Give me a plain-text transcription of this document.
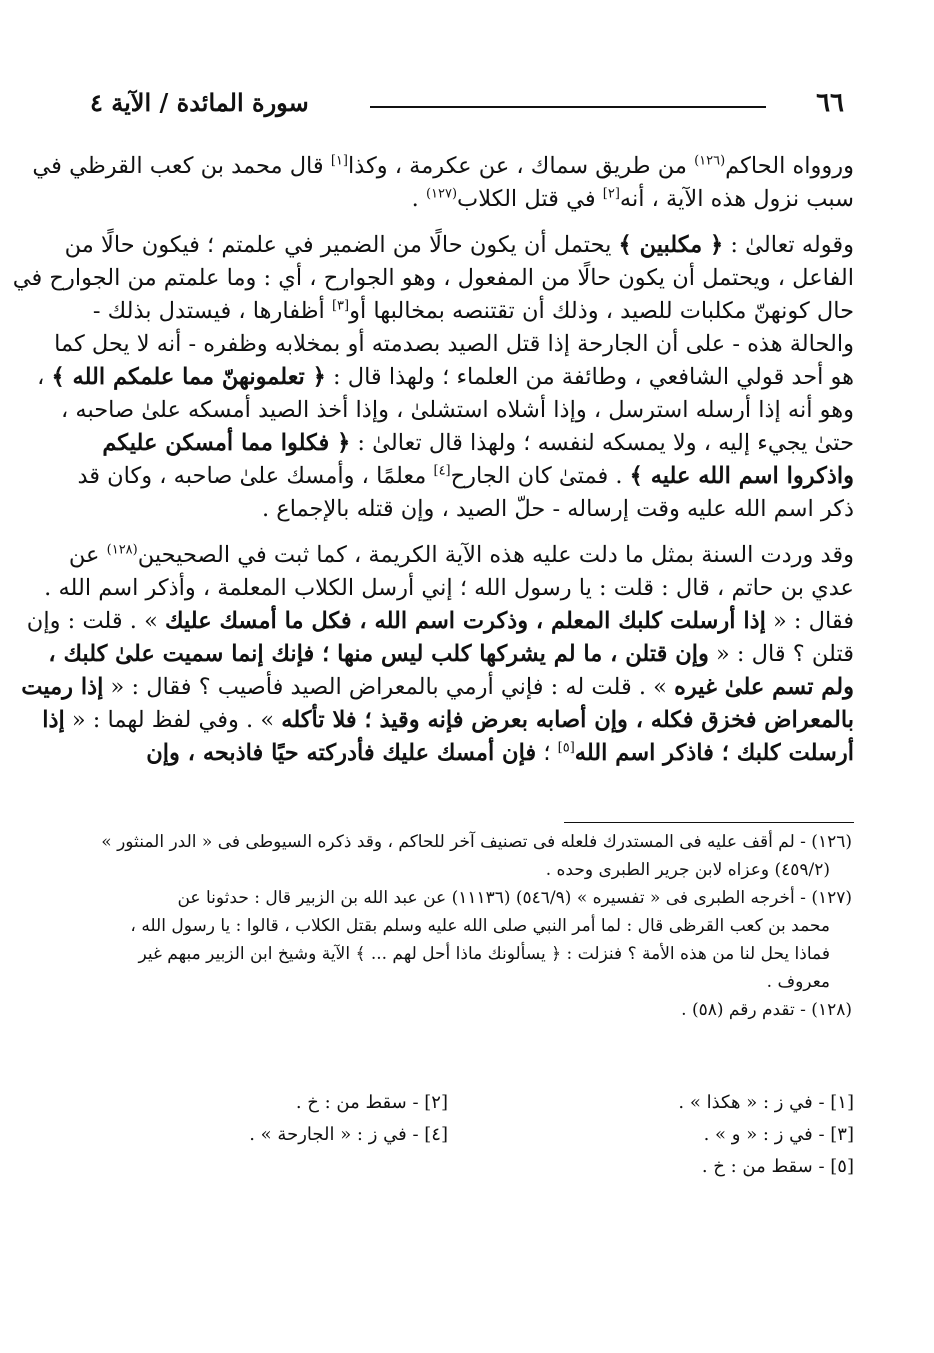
٦٦
سورة المائدة / الآية ٤
وروواه الحاكم$^{(١٢٦)}$ من طريق سماك ، عن عكرمة ، وكذا[١] قال محمد بن كعب القرظي في
سبب نزول هذه الآية ، أنه[٢] في قتل الكلاب$^{(١٢٧)}$ .
وقوله تعالىٰ : ﴿ مكلبين ﴾ يحتمل أن يكون حالًا من الضمير في علمتم ؛ فيكون حالًا من
الفاعل ، ويحتمل أن يكون حالًا من المفعول ، وهو الجوارح ، أي : وما علمتم من الجوارح في
حال كونهنّ مكلبات للصيد ، وذلك أن تقتنصه بمخالبها أو[٣] أظفارها ، فيستدل بذلك -
والحالة هذه - على أن الجارحة إذا قتل الصيد بصدمته أو بمخلابه وظفره - أنه لا يحل كما
هو أحد قولي الشافعي ، وطائفة من العلماء ؛ ولهذا قال : ﴿ تعلمونهنّ مما علمكم الله ﴾ ،
وهو أنه إذا أرسله استرسل ، وإذا أشلاه استشلىٰ ، وإذا أخذ الصيد أمسكه علىٰ صاحبه ،
حتىٰ يجيء إليه ، ولا يمسكه لنفسه ؛ ولهذا قال تعالىٰ : ﴿ فكلوا مما أمسكن عليكم
واذكروا اسم الله عليه ﴾ . فمتىٰ كان الجارح[٤] معلمًا ، وأمسك علىٰ صاحبه ، وكان قد
ذكر اسم الله عليه وقت إرساله - حلّ الصيد ، وإن قتله بالإجماع .
وقد وردت السنة بمثل ما دلت عليه هذه الآية الكريمة ، كما ثبت في الصحيحين$^{(١٢٨)}$ عن
عدي بن حاتم ، قال : قلت : يا رسول الله ؛ إني أرسل الكلاب المعلمة ، وأذكر اسم الله .
فقال : « إذا أرسلت كلبك المعلم ، وذكرت اسم الله ، فكل ما أمسك عليك » . قلت : وإن
قتلن ؟ قال : « وإن قتلن ، ما لم يشركها كلب ليس منها ؛ فإنك إنما سميت علىٰ كلبك ،
ولم تسم علىٰ غيره » . قلت له : فإني أرمي بالمعراض الصيد فأصيب ؟ فقال : « إذا رميت
بالمعراض فخزق فكله ، وإن أصابه بعرض فإنه وقيذ ؛ فلا تأكله » . وفي لفظ لهما : « إذا
أرسلت كلبك ؛ فاذكر اسم الله[٥] ؛ فإن أمسك عليك فأدركته حيًا فاذبحه ، وإن
(١٢٦) - لم أقف عليه فى المستدرك فلعله فى تصنيف آخر للحاكم ، وقد ذكره السيوطى فى « الدر المنثور »
(٤٥٩/٢) وعزاه لابن جرير الطبرى وحده .
(١٢٧) - أخرجه الطبرى فى « تفسيره » (٥٤٦/٩) (١١١٣٦) عن عبد الله بن الزبير قال : حدثونا عن
محمد بن كعب القرظى قال : لما أمر النبي صلى الله عليه وسلم بقتل الكلاب ، قالوا : يا رسول الله ،
فماذا يحل لنا من هذه الأمة ؟ فنزلت : ﴿ يسألونك ماذا أحل لهم ... ﴾ الآية وشيخ ابن الزبير مبهم غير
معروف .
(١٢٨) - تقدم رقم (٥٨) .
[١] - في ز : « هكذا » .
[٢] - سقط من : خ .
[٣] - في ز : « و » .
[٤] - في ز : « الجارحة » .
[٥] - سقط من : خ .
